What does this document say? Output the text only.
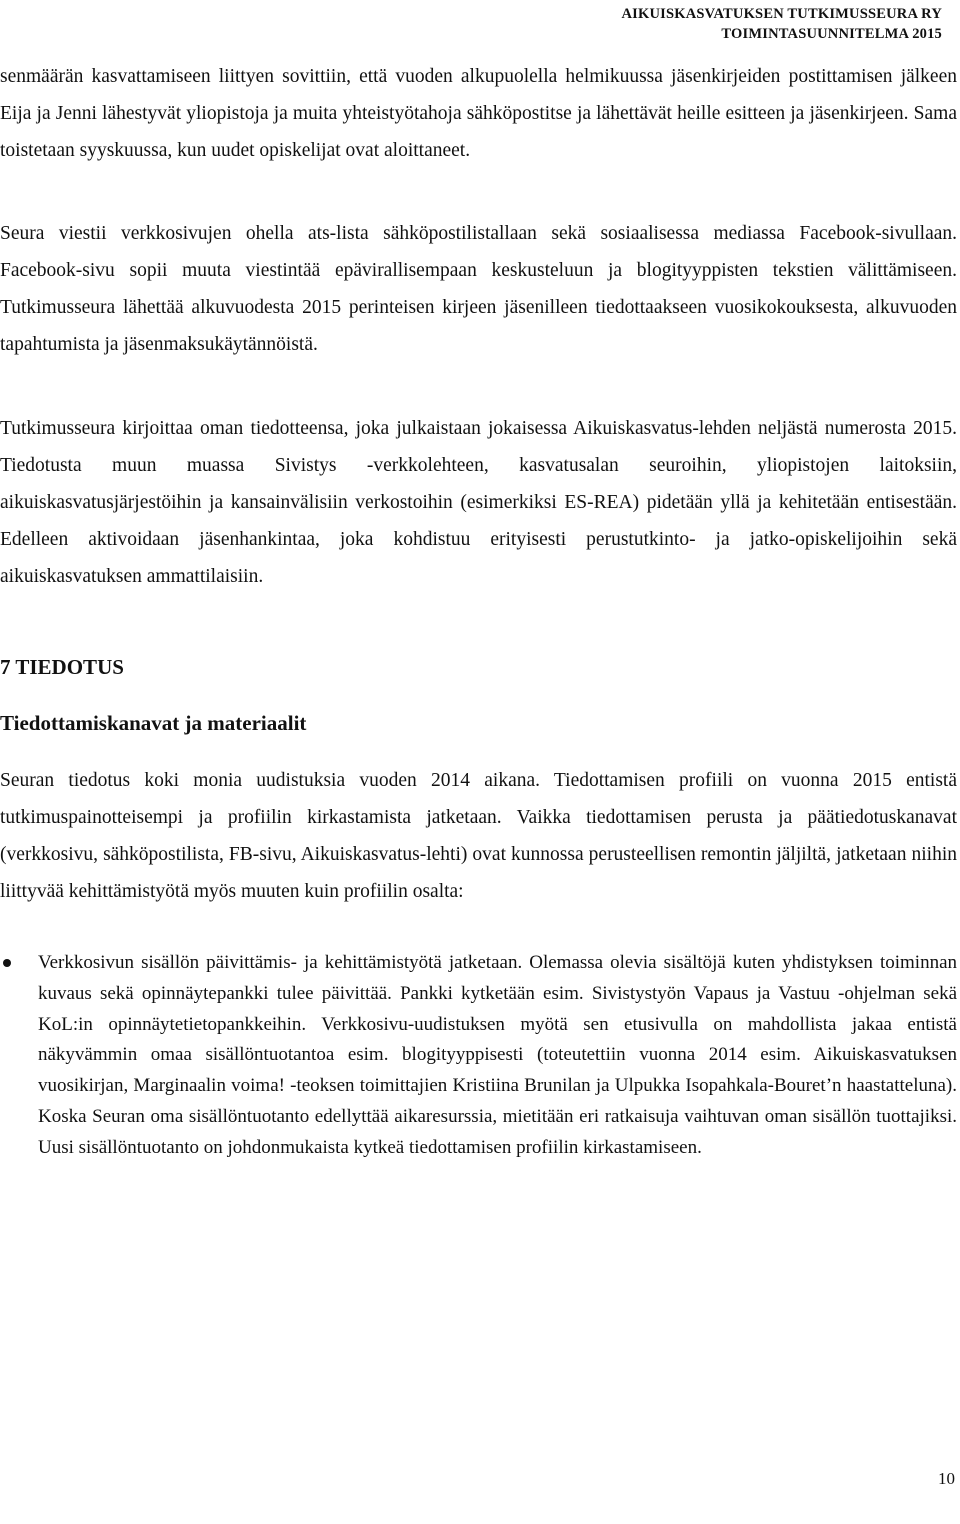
AIKUISKASVATUKSEN TUTKIMUSSEURA RY
TOIMINTASUUNNITELMA 2015

senmäärän kasvattamiseen liittyen sovittiin, että vuoden alkupuolella helmikuussa jäsenkirjeiden postittamisen jälkeen Eija ja Jenni lähestyvät yliopistoja ja muita yhteistyötahoja sähköpostitse ja lähettävät heille esitteen ja jäsenkirjeen. Sama toistetaan syyskuussa, kun uudet opiskelijat ovat aloittaneet.

Seura viestii verkkosivujen ohella ats-lista sähköpostilistallaan sekä sosiaalisessa mediassa Facebook-sivullaan. Facebook-sivu sopii muuta viestintää epävirallisempaan keskusteluun ja blogityyppisten tekstien välittämiseen. Tutkimusseura lähettää alkuvuodesta 2015 perinteisen kirjeen jäsenilleen tiedottaakseen vuosikokouksesta, alkuvuoden tapahtumista ja jäsenmaksukäytännöistä.

Tutkimusseura kirjoittaa oman tiedotteensa, joka julkaistaan jokaisessa Aikuiskasvatus-lehden neljästä numerosta 2015. Tiedotusta muun muassa Sivistys -verkkolehteen, kasvatusalan seuroihin, yliopistojen laitoksiin, aikuiskasvatusjärjestöihin ja kansainvälisiin verkostoihin (esimerkiksi ES-REA) pidetään yllä ja kehitetään entisestään. Edelleen aktivoidaan jäsenhankintaa, joka kohdistuu erityisesti perustutkinto- ja jatko-opiskelijoihin sekä aikuiskasvatuksen ammattilaisiin.

7 TIEDOTUS
Tiedottamiskanavat ja materiaalit

Seuran tiedotus koki monia uudistuksia vuoden 2014 aikana. Tiedottamisen profiili on vuonna 2015 entistä tutkimuspainotteisempi ja profiilin kirkastamista jatketaan. Vaikka tiedottamisen perusta ja päätiedotuskanavat (verkkosivu, sähköpostilista, FB-sivu, Aikuiskasvatus-lehti) ovat kunnossa perusteellisen remontin jäljiltä, jatketaan niihin liittyvää kehittämistyötä myös muuten kuin profiilin osalta:

Verkkosivun sisällön päivittämis- ja kehittämistyötä jatketaan. Olemassa olevia sisältöjä kuten yhdistyksen toiminnan kuvaus sekä opinnäytepankki tulee päivittää. Pankki kytketään esim. Sivistystyön Vapaus ja Vastuu -ohjelman sekä KoL:in opinnäytetietopankkeihin. Verkkosivu-uudistuksen myötä sen etusivulla on mahdollista jakaa entistä näkyvämmin omaa sisällöntuotantoa esim. blogityyppisesti (toteutettiin vuonna 2014 esim. Aikuiskasvatuksen vuosikirjan, Marginaalin voima! -teoksen toimittajien Kristiina Brunilan ja Ulpukka Isopahkala-Bouret’n haastatteluna). Koska Seuran oma sisällöntuotanto edellyttää aikaresurssia, mietitään eri ratkaisuja vaihtuvan oman sisällön tuottajiksi. Uusi sisällöntuotanto on johdonmukaista kytkeä tiedottamisen profiilin kirkastamiseen.
10
